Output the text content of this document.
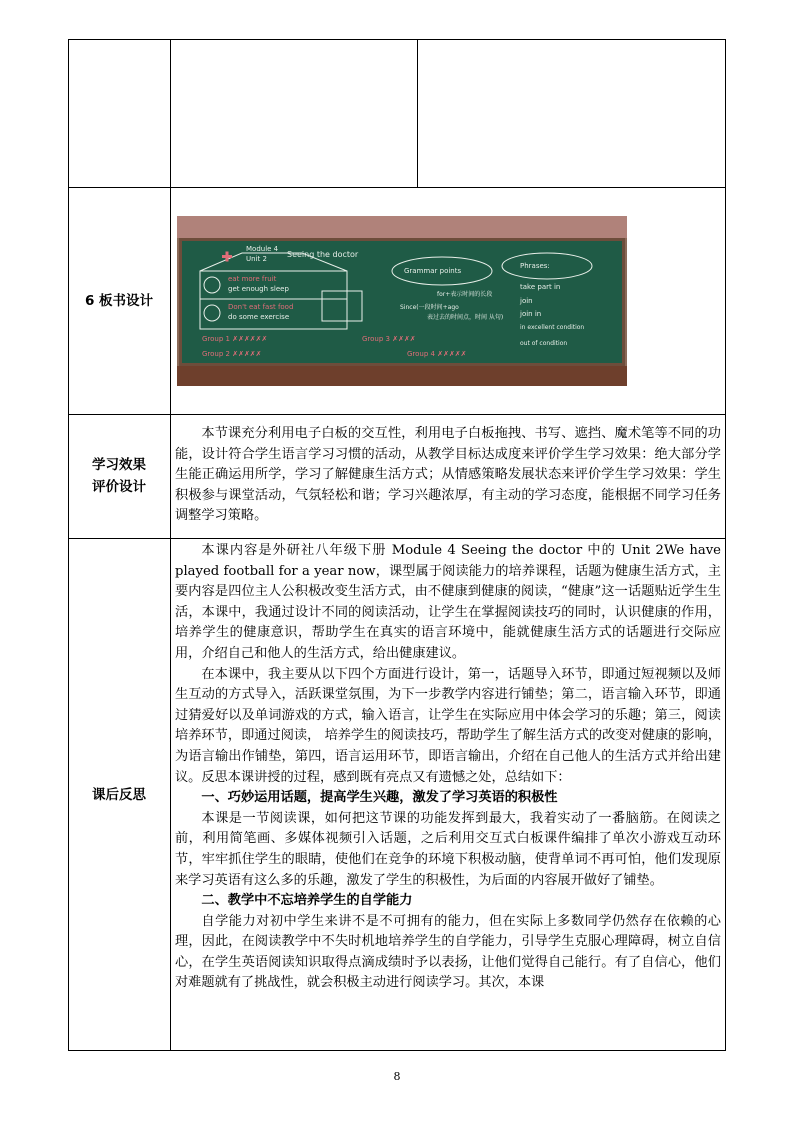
6 板书设计
Module 4
Unit 2	Seeing the doctor
eat more fruit
get enough sleep
Don't eat fast food
do some exercise
Grammar points
for+表示时间的长段
Since(一段时间+ago
表过去的时间点，时间 从句)
Phrases:
take part in
join
join in
in excellent condition
out of condition
Group 1 ✗✗✗✗✗✗
Group 2 ✗✗✗✗✗
Group 3 ✗✗✗✗
Group 4 ✗✗✗✗✗
学习效果
评价设计

本节课充分利用电子白板的交互性，利用电子白板拖拽、书写、遮挡、魔术笔等不同的功能，设计符合学生语言学习习惯的活动，从教学目标达成度来评价学生学习效果：绝大部分学生能正确运用所学，学习了解健康生活方式；从情感策略发展状态来评价学生学习效果：学生积极参与课堂活动，气氛轻松和谐；学习兴趣浓厚，有主动的学习态度，能根据不同学习任务调整学习策略。

课后反思

本课内容是外研社八年级下册 Module 4 Seeing the doctor 中的 Unit 2We have played football for a year now，课型属于阅读能力的培养课程，话题为健康生活方式，主要内容是四位主人公积极改变生活方式，由不健康到健康的阅读，“健康”这一话题贴近学生生活，本课中，我通过设计不同的阅读活动，让学生在掌握阅读技巧的同时，认识健康的作用，培养学生的健康意识，帮助学生在真实的语言环境中，能就健康生活方式的话题进行交际应用，介绍自己和他人的生活方式，给出健康建议。

在本课中，我主要从以下四个方面进行设计，第一，话题导入环节，即通过短视频以及师生互动的方式导入，活跃课堂氛围，为下一步教学内容进行铺垫；第二，语言输入环节，即通过猜爱好以及单词游戏的方式，输入语言，让学生在实际应用中体会学习的乐趣；第三，阅读培养环节，即通过阅读， 培养学生的阅读技巧，帮助学生了解生活方式的改变对健康的影响，为语言输出作铺垫，第四，语言运用环节，即语言输出，介绍在自己他人的生活方式并给出建议。反思本课讲授的过程，感到既有亮点又有遗憾之处，总结如下：

一、巧妙运用话题，提高学生兴趣，激发了学习英语的积极性

本课是一节阅读课，如何把这节课的功能发挥到最大，我着实动了一番脑筋。在阅读之前，利用简笔画、多媒体视频引入话题，之后利用交互式白板课件编排了单次小游戏互动环节，牢牢抓住学生的眼睛，使他们在竞争的环境下积极动脑，使背单词不再可怕，他们发现原来学习英语有这么多的乐趣，激发了学生的积极性，为后面的内容展开做好了铺垫。

二、教学中不忘培养学生的自学能力

自学能力对初中学生来讲不是不可拥有的能力，但在实际上多数同学仍然存在依赖的心理，因此，在阅读教学中不失时机地培养学生的自学能力，引导学生克服心理障碍，树立自信心，在学生英语阅读知识取得点滴成绩时予以表扬，让他们觉得自己能行。有了自信心，他们对难题就有了挑战性，就会积极主动进行阅读学习。其次，本课

8
